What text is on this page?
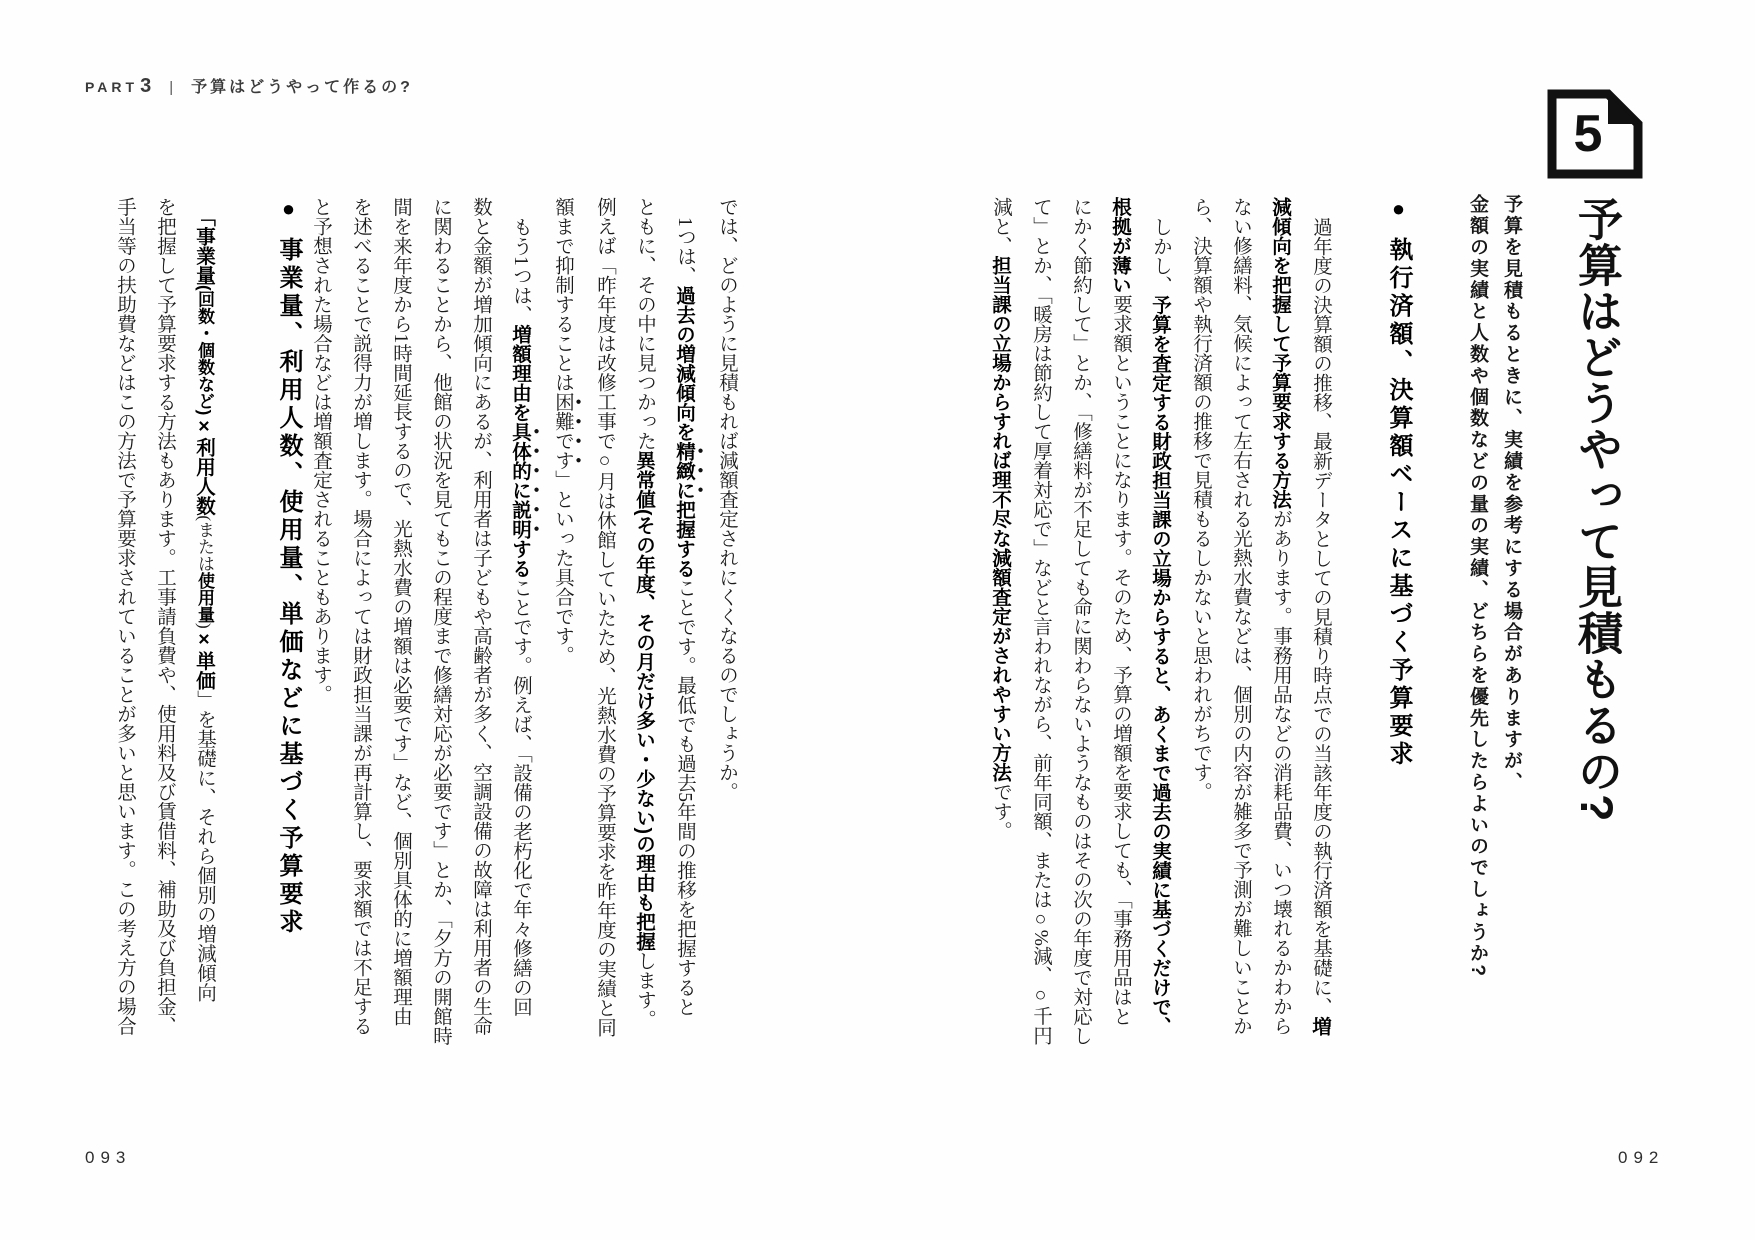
PART 3 | 予算はどうやって作るの?

では、どのように見積もれば減額査定されにくくなるのでしょうか。

1つは、過去の増減傾向を精緻に把握することです。最低でも過去5年間の推移を把握すると

ともに、その中に見つかった異常値(その年度、その月だけ多い・少ない)の理由も把握します。

例えば「昨年度は改修工事で○月は休館していたため、光熱水費の予算要求を昨年度の実績と同

額まで抑制することは困難です」といった具合です。

もう1つは、増額理由を具体的に説明することです。例えば、「設備の老朽化で年々修繕の回

数と金額が増加傾向にあるが、利用者は子どもや高齢者が多く、空調設備の故障は利用者の生命

に関わることから、他館の状況を見てもこの程度まで修繕対応が必要です」とか、「夕方の開館時

間を来年度から1時間延長するので、光熱水費の増額は必要です」など、個別具体的に増額理由

を述べることで説得力が増します。場合によっては財政担当課が再計算し、要求額では不足する

と予想された場合などは増額査定されることもあります。

●事業量、利用人数、使用量、単価などに基づく予算要求

「事業量(回数・個数など)×利用人数(または使用量)×単価」を基礎に、それら個別の増減傾向

を把握して予算要求する方法もあります。工事請負費や、使用料及び賃借料、補助及び負担金、

手当等の扶助費などはこの方法で予算要求されていることが多いと思います。この考え方の場合

093
5
予算はどうやって見積もるの?

予算を見積もるときに、実績を参考にする場合がありますが、

金額の実績と人数や個数などの量の実績、どちらを優先したらよいのでしょうか?

●執行済額、決算額ベースに基づく予算要求

過年度の決算額の推移、最新データとしての見積り時点での当該年度の執行済額を基礎に、増

減傾向を把握して予算要求する方法があります。事務用品などの消耗品費、いつ壊れるかわから

ない修繕料、気候によって左右される光熱水費などは、個別の内容が雑多で予測が難しいことか

ら、決算額や執行済額の推移で見積もるしかないと思われがちです。

しかし、予算を査定する財政担当課の立場からすると、あくまで過去の実績に基づくだけで、

根拠が薄い要求額ということになります。そのため、予算の増額を要求しても、「事務用品はと

にかく節約して」とか、「修繕料が不足しても命に関わらないようなものはその次の年度で対応し

て」とか、「暖房は節約して厚着対応で」などと言われながら、前年同額、または○%減、○千円

減と、担当課の立場からすれば理不尽な減額査定がされやすい方法です。

092
